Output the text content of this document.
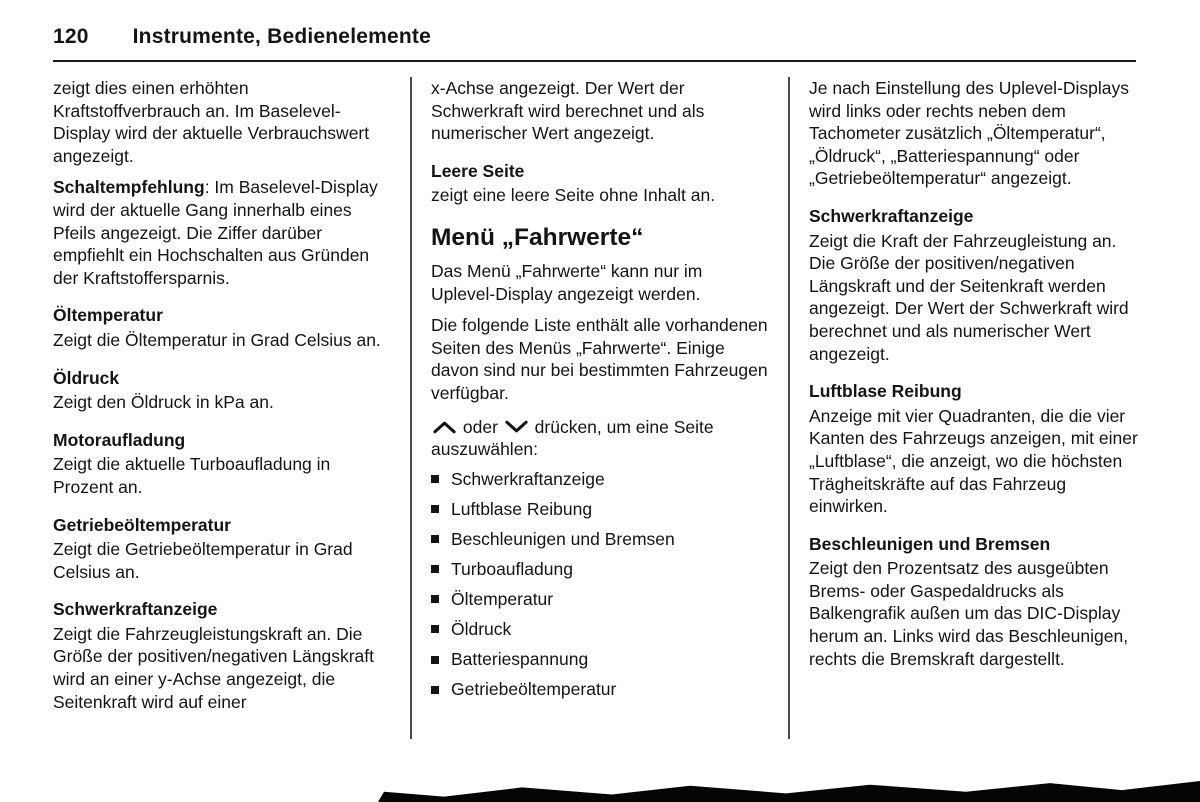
120 Instrumente, Bedienelemente

zeigt dies einen erhöhten Kraftstoffverbrauch an. Im Baselevel-Display wird der aktuelle Verbrauchswert angezeigt.

Schaltempfehlung: Im Baselevel-Display wird der aktuelle Gang innerhalb eines Pfeils angezeigt. Die Ziffer darüber empfiehlt ein Hochschalten aus Gründen der Kraftstoffersparnis.

Öltemperatur

Zeigt die Öltemperatur in Grad Celsius an.

Öldruck

Zeigt den Öldruck in kPa an.

Motoraufladung

Zeigt die aktuelle Turboaufladung in Prozent an.

Getriebeöltemperatur

Zeigt die Getriebeöltemperatur in Grad Celsius an.

Schwerkraftanzeige

Zeigt die Fahrzeugleistungskraft an. Die Größe der positiven/negativen Längskraft wird an einer y-Achse angezeigt, die Seitenkraft wird auf einer

x-Achse angezeigt. Der Wert der Schwerkraft wird berechnet und als numerischer Wert angezeigt.

Leere Seite

zeigt eine leere Seite ohne Inhalt an.

Menü „Fahrwerte“

Das Menü „Fahrwerte“ kann nur im Uplevel-Display angezeigt werden.

Die folgende Liste enthält alle vorhandenen Seiten des Menüs „Fahrwerte“. Einige davon sind nur bei bestimmten Fahrzeugen verfügbar.

oder drücken, um eine Seite auszuwählen:

Schwerkraftanzeige
Luftblase Reibung
Beschleunigen und Bremsen
Turboaufladung
Öltemperatur
Öldruck
Batteriespannung
Getriebeöltemperatur

Je nach Einstellung des Uplevel-Displays wird links oder rechts neben dem Tachometer zusätzlich „Öltemperatur“, „Öldruck“, „Batteriespannung“ oder „Getriebeöltemperatur“ angezeigt.

Schwerkraftanzeige

Zeigt die Kraft der Fahrzeugleistung an. Die Größe der positiven/negativen Längskraft und der Seitenkraft werden angezeigt. Der Wert der Schwerkraft wird berechnet und als numerischer Wert angezeigt.

Luftblase Reibung

Anzeige mit vier Quadranten, die die vier Kanten des Fahrzeugs anzeigen, mit einer „Luftblase“, die anzeigt, wo die höchsten Trägheitskräfte auf das Fahrzeug einwirken.

Beschleunigen und Bremsen

Zeigt den Prozentsatz des ausgeübten Brems- oder Gaspedaldrucks als Balkengrafik außen um das DIC-Display herum an. Links wird das Beschleunigen, rechts die Bremskraft dargestellt.
